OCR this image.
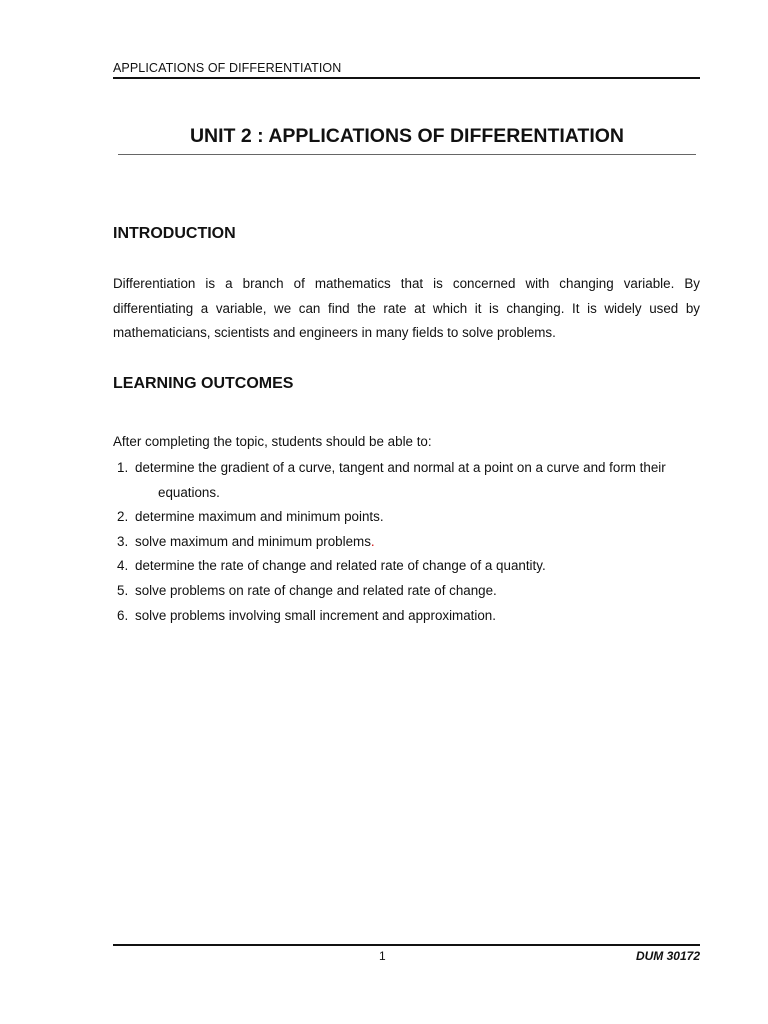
APPLICATIONS OF DIFFERENTIATION
UNIT 2 : APPLICATIONS OF DIFFERENTIATION
INTRODUCTION

Differentiation is a branch of mathematics that is concerned with changing variable. By differentiating a variable, we can find the rate at which it is changing. It is widely used by mathematicians, scientists and engineers in many fields to solve problems.

LEARNING OUTCOMES
After completing the topic, students should be able to:
1. determine the gradient of a curve, tangent and normal at a point on a curve and form their
equations.
2. determine maximum and minimum points.
3. solve maximum and minimum problems.
4. determine the rate of change and related rate of change of a quantity.
5. solve problems on rate of change and related rate of change.
6. solve problems involving small increment and approximation.
1	DUM 30172
